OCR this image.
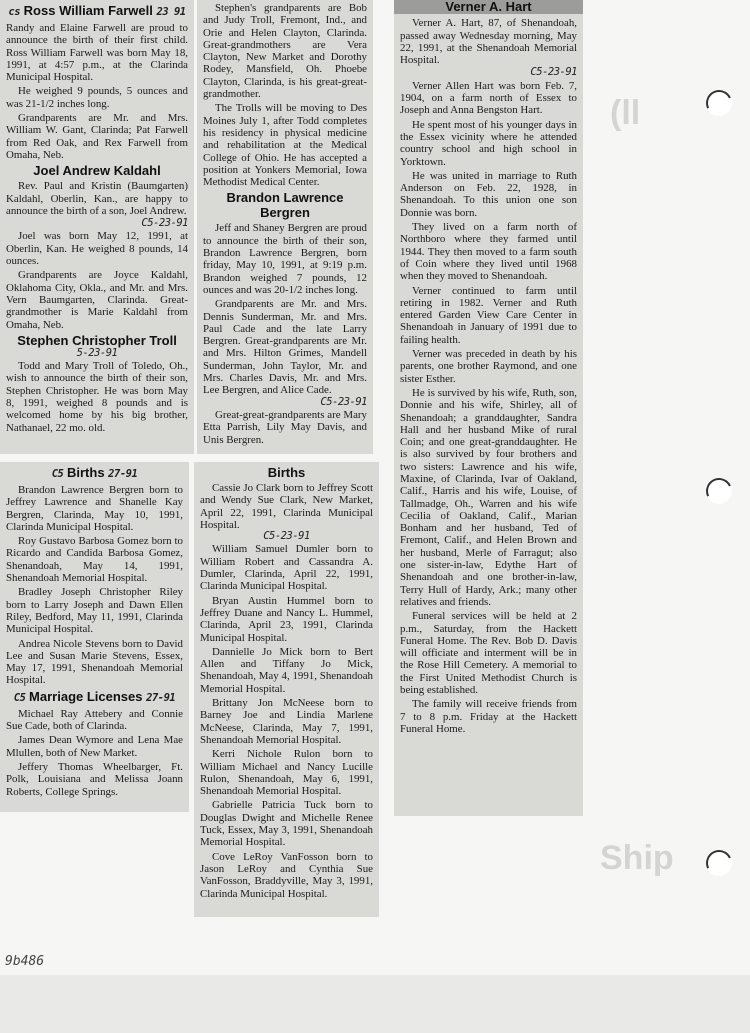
(ll
Ship
cs Ross William Farwell 23 91

Randy and Elaine Farwell are proud to announce the birth of their first child. Ross William Farwell was born May 18, 1991, at 4:57 p.m., at the Clarinda Municipal Hospital.

He weighed 9 pounds, 5 ounces and was 21-1/2 inches long.

Grandparents are Mr. and Mrs. William W. Gant, Clarinda; Pat Farwell from Red Oak, and Rex Farwell from Omaha, Neb.

Joel Andrew Kaldahl

Rev. Paul and Kristin (Baumgarten) Kaldahl, Oberlin, Kan., are happy to announce the birth of a son, Joel Andrew.

C5-23-91

Joel was born May 12, 1991, at Oberlin, Kan. He weighed 8 pounds, 14 ounces.

Grandparents are Joyce Kaldahl, Oklahoma City, Okla., and Mr. and Mrs. Vern Baumgarten, Clarinda. Great-grandmother is Marie Kaldahl from Omaha, Neb.

Stephen Christopher Troll
5-23-91

Todd and Mary Troll of Toledo, Oh., wish to announce the birth of their son, Stephen Christopher. He was born May 8, 1991, weighed 8 pounds and is welcomed home by his big brother, Nathanael, 22 mo. old.

Stephen's grandparents are Bob and Judy Troll, Fremont, Ind., and Orie and Helen Clayton, Clarinda. Great-grandmothers are Vera Clayton, New Market and Dorothy Rodey, Mansfield, Oh. Phoebe Clayton, Clarinda, is his great-great-grandmother.

The Trolls will be moving to Des Moines July 1, after Todd completes his residency in physical medicine and rehabilitation at the Medical College of Ohio. He has accepted a position at Yonkers Memorial, Iowa Methodist Medical Center.

Brandon Lawrence Bergren

Jeff and Shaney Bergren are proud to announce the birth of their son, Brandon Lawrence Bergren, born friday, May 10, 1991, at 9:19 p.m. Brandon weighed 7 pounds, 12 ounces and was 20-1/2 inches long.

Grandparents are Mr. and Mrs. Dennis Sunderman, Mr. and Mrs. Paul Cade and the late Larry Bergren. Great-grandparents are Mr. and Mrs. Hilton Grimes, Mandell Sunderman, John Taylor, Mr. and Mrs. Charles Davis, Mr. and Mrs. Lee Bergren, and Alice Cade.

C5-23-91

Great-great-grandparents are Mary Etta Parrish, Lily May Davis, and Unis Bergren.

Verner A. Hart

Verner A. Hart, 87, of Shenandoah, passed away Wednesday morning, May 22, 1991, at the Shenandoah Memorial Hospital.

C5-23-91

Verner Allen Hart was born Feb. 7, 1904, on a farm north of Essex to Joseph and Anna Bengston Hart.

He spent most of his younger days in the Essex vicinity where he attended country school and high school in Yorktown.

He was united in marriage to Ruth Anderson on Feb. 22, 1928, in Shenandoah. To this union one son Donnie was born.

They lived on a farm north of Northboro where they farmed until 1944. They then moved to a farm south of Coin where they lived until 1968 when they moved to Shenandoah.

Verner continued to farm until retiring in 1982. Verner and Ruth entered Garden View Care Center in Shenandoah in January of 1991 due to failing health.

Verner was preceded in death by his parents, one brother Raymond, and one sister Esther.

He is survived by his wife, Ruth, son, Donnie and his wife, Shirley, all of Shenandoah; a granddaughter, Sandra Hall and her husband Mike of rural Coin; and one great-granddaughter. He is also survived by four brothers and two sisters: Lawrence and his wife, Maxine, of Clarinda, Ivar of Oakland, Calif., Harris and his wife, Louise, of Tallmadge, Oh., Warren and his wife Cecilia of Oakland, Calif., Marian Bonham and her husband, Ted of Fremont, Calif., and Helen Brown and her husband, Merle of Farragut; also one sister-in-law, Edythe Hart of Shenandoah and one brother-in-law, Terry Hull of Hardy, Ark.; many other relatives and friends.

Funeral services will be held at 2 p.m., Saturday, from the Hackett Funeral Home. The Rev. Bob D. Davis will officiate and interment will be in the Rose Hill Cemetery. A memorial to the First United Methodist Church is being established.

The family will receive friends from 7 to 8 p.m. Friday at the Hackett Funeral Home.

C5 Births 27-91

Brandon Lawrence Bergren born to Jeffrey Lawrence and Shanelle Kay Bergren, Clarinda, May 10, 1991, Clarinda Municipal Hospital.

Roy Gustavo Barbosa Gomez born to Ricardo and Candida Barbosa Gomez, Shenandoah, May 14, 1991, Shenandoah Memorial Hospital.

Bradley Joseph Christopher Riley born to Larry Joseph and Dawn Ellen Riley, Bedford, May 11, 1991, Clarinda Municipal Hospital.

Andrea Nicole Stevens born to David Lee and Susan Marie Stevens, Essex, May 17, 1991, Shenandoah Memorial Hospital.

C5 Marriage Licenses 27-91

Michael Ray Attebery and Connie Sue Cade, both of Clarinda.

James Dean Wymore and Lena Mae Mlullen, both of New Market.

Jeffery Thomas Wheelbarger, Ft. Polk, Louisiana and Melissa Joann Roberts, College Springs.

Births

Cassie Jo Clark born to Jeffrey Scott and Wendy Sue Clark, New Market, April 22, 1991, Clarinda Municipal Hospital.

C5-23-91

William Samuel Dumler born to William Robert and Cassandra A. Dumler, Clarinda, April 22, 1991, Clarinda Municipal Hospital.

Bryan Austin Hummel born to Jeffrey Duane and Nancy L. Hummel, Clarinda, April 23, 1991, Clarinda Municipal Hospital.

Dannielle Jo Mick born to Bert Allen and Tiffany Jo Mick, Shenandoah, May 4, 1991, Shenandoah Memorial Hospital.

Brittany Jon McNeese born to Barney Joe and Lindia Marlene McNeese, Clarinda, May 7, 1991, Shenandoah Memorial Hospital.

Kerri Nichole Rulon born to William Michael and Nancy Lucille Rulon, Shenandoah, May 6, 1991, Shenandoah Memorial Hospital.

Gabrielle Patricia Tuck born to Douglas Dwight and Michelle Renee Tuck, Essex, May 3, 1991, Shenandoah Memorial Hospital.

Cove LeRoy VanFosson born to Jason LeRoy and Cynthia Sue VanFosson, Braddyville, May 3, 1991, Clarinda Municipal Hospital.

9b486
